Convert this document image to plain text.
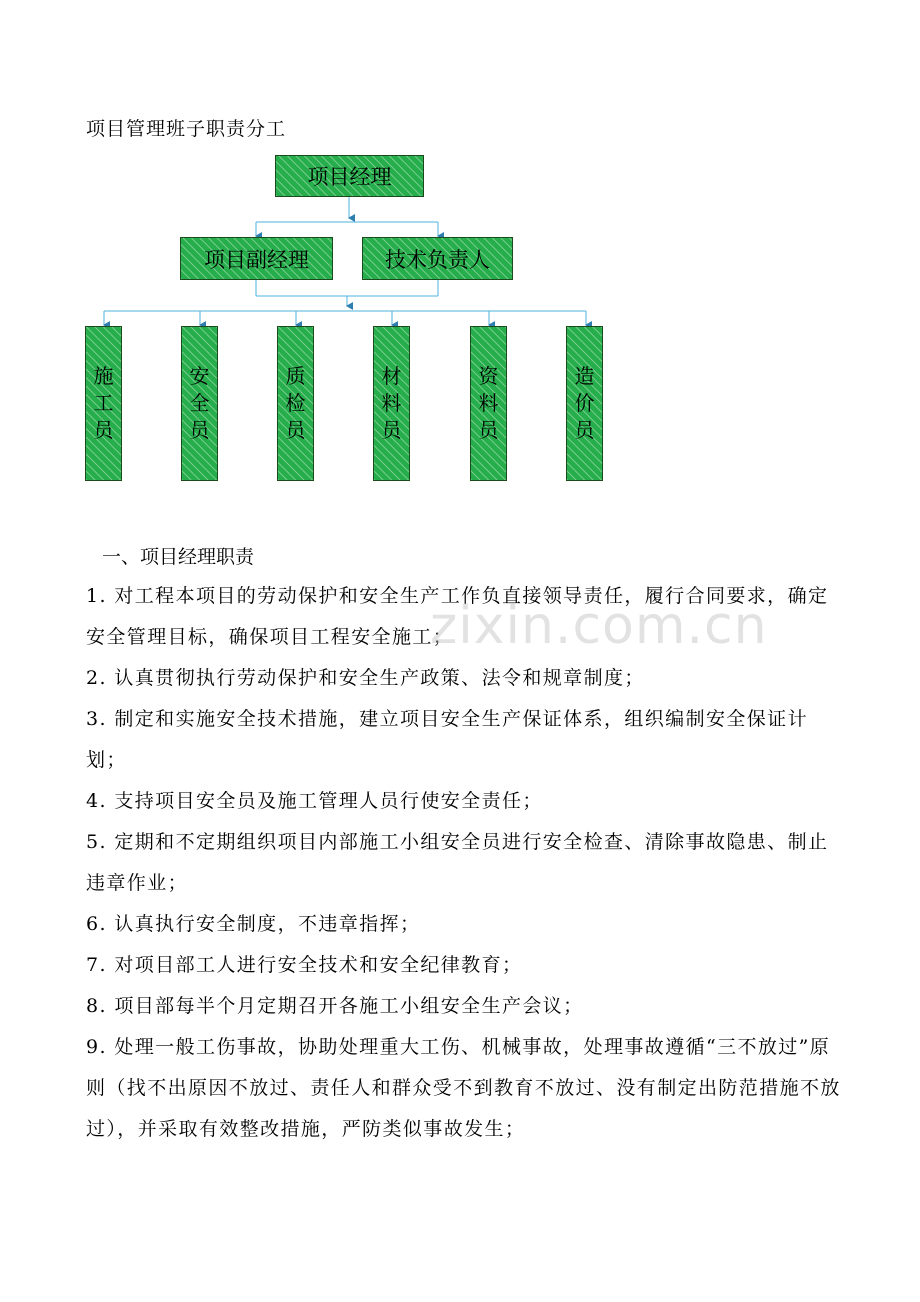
项目管理班子职责分工
项目经理
项目副经理	技术负责人
施
工
员
安
全
员
质
检
员
材
料
员
资
料
员
造
价
员
一、项目经理职责

1. 对工程本项目的劳动保护和安全生产工作负直接领导责任，履行合同要求，确定安全管理目标，确保项目工程安全施工；

2. 认真贯彻执行劳动保护和安全生产政策、法令和规章制度；

3. 制定和实施安全技术措施，建立项目安全生产保证体系，组织编制安全保证计划；

4. 支持项目安全员及施工管理人员行使安全责任；

5. 定期和不定期组织项目内部施工小组安全员进行安全检查、清除事故隐患、制止违章作业；

6. 认真执行安全制度，不违章指挥；

7. 对项目部工人进行安全技术和安全纪律教育；

8. 项目部每半个月定期召开各施工小组安全生产会议；

9. 处理一般工伤事故，协助处理重大工伤、机械事故，处理事故遵循“三不放过”原则（找不出原因不放过、责任人和群众受不到教育不放过、没有制定出防范措施不放过），并采取有效整改措施，严防类似事故发生；

zixin.com.cn
